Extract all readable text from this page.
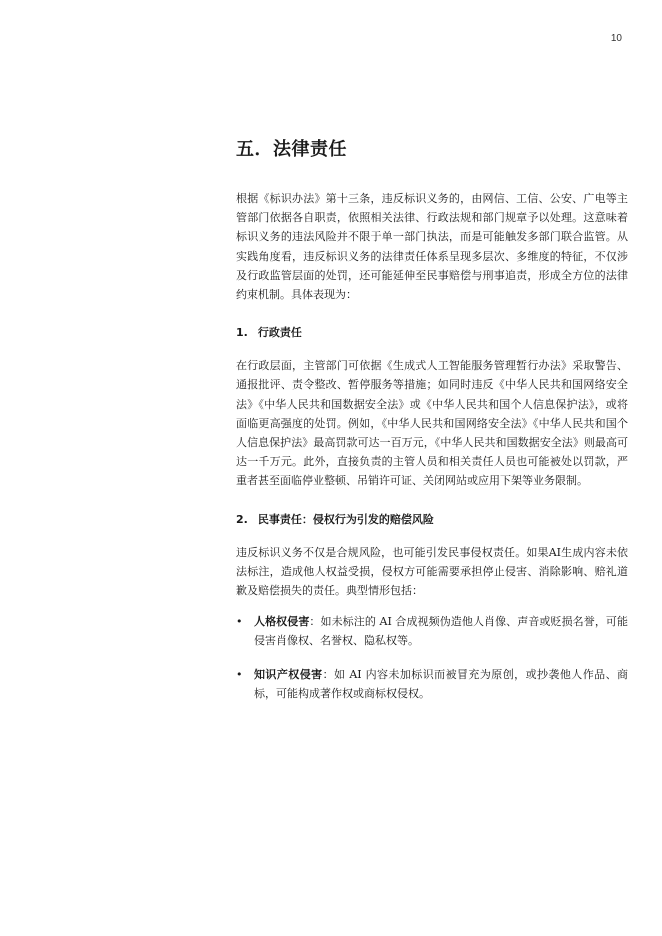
10
五．法律责任

根据《标识办法》第十三条，违反标识义务的，由网信、工信、公安、广电等主管部门依据各自职责，依照相关法律、行政法规和部门规章予以处理。这意味着标识义务的违法风险并不限于单一部门执法，而是可能触发多部门联合监管。从实践角度看，违反标识义务的法律责任体系呈现多层次、多维度的特征，不仅涉及行政监管层面的处罚，还可能延伸至民事赔偿与刑事追责，形成全方位的法律约束机制。具体表现为：

1. 行政责任

在行政层面，主管部门可依据《生成式人工智能服务管理暂行办法》采取警告、通报批评、责令整改、暂停服务等措施；如同时违反《中华人民共和国网络安全法》《中华人民共和国数据安全法》或《中华人民共和国个人信息保护法》，或将面临更高强度的处罚。例如，《中华人民共和国网络安全法》《中华人民共和国个人信息保护法》最高罚款可达一百万元，《中华人民共和国数据安全法》则最高可达一千万元。此外，直接负责的主管人员和相关责任人员也可能被处以罚款，严重者甚至面临停业整顿、吊销许可证、关闭网站或应用下架等业务限制。

2. 民事责任：侵权行为引发的赔偿风险

违反标识义务不仅是合规风险，也可能引发民事侵权责任。如果AI生成内容未依法标注，造成他人权益受损，侵权方可能需要承担停止侵害、消除影响、赔礼道歉及赔偿损失的责任。典型情形包括：

• 人格权侵害：如未标注的 AI 合成视频伪造他人肖像、声音或贬损名誉，可能侵害肖像权、名誉权、隐私权等。
• 知识产权侵害：如 AI 内容未加标识而被冒充为原创，或抄袭他人作品、商标，可能构成著作权或商标权侵权。
